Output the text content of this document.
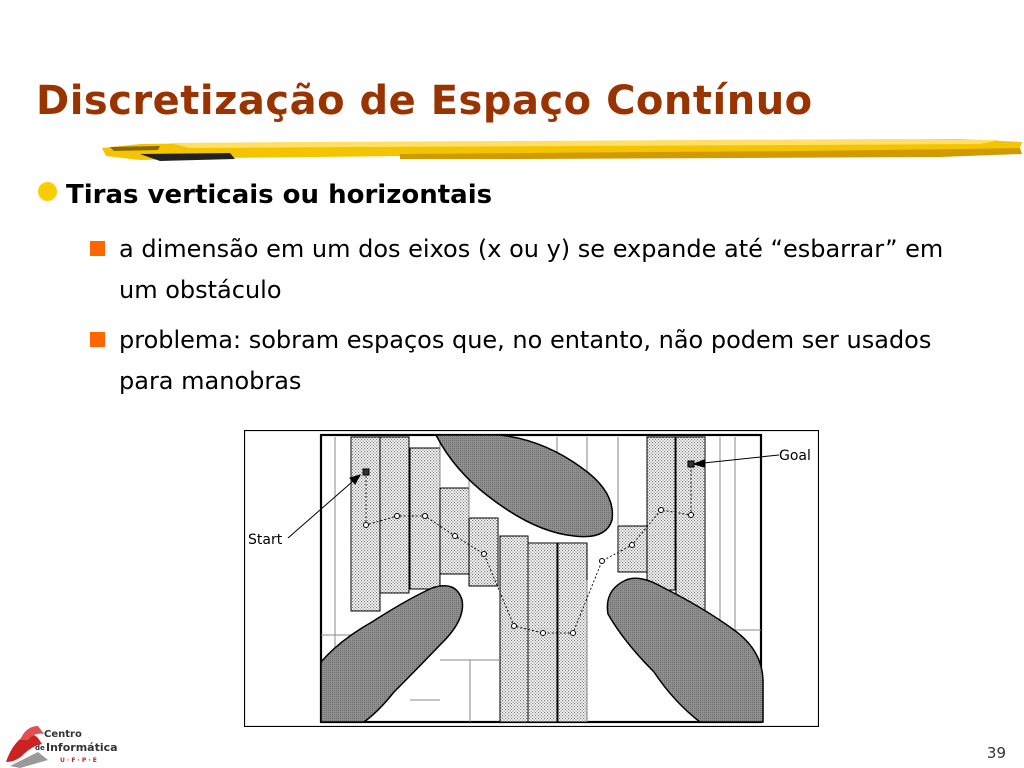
Discretização de Espaço Contínuo
Tiras verticais ou horizontais
a dimensão em um dos eixos (x ou y) se expande até “esbarrar” em um obstáculo
problema: sobram espaços que, no entanto, não podem ser usados para manobras
Start
Goal
Centro
de Informática
U · F · P · E	39
